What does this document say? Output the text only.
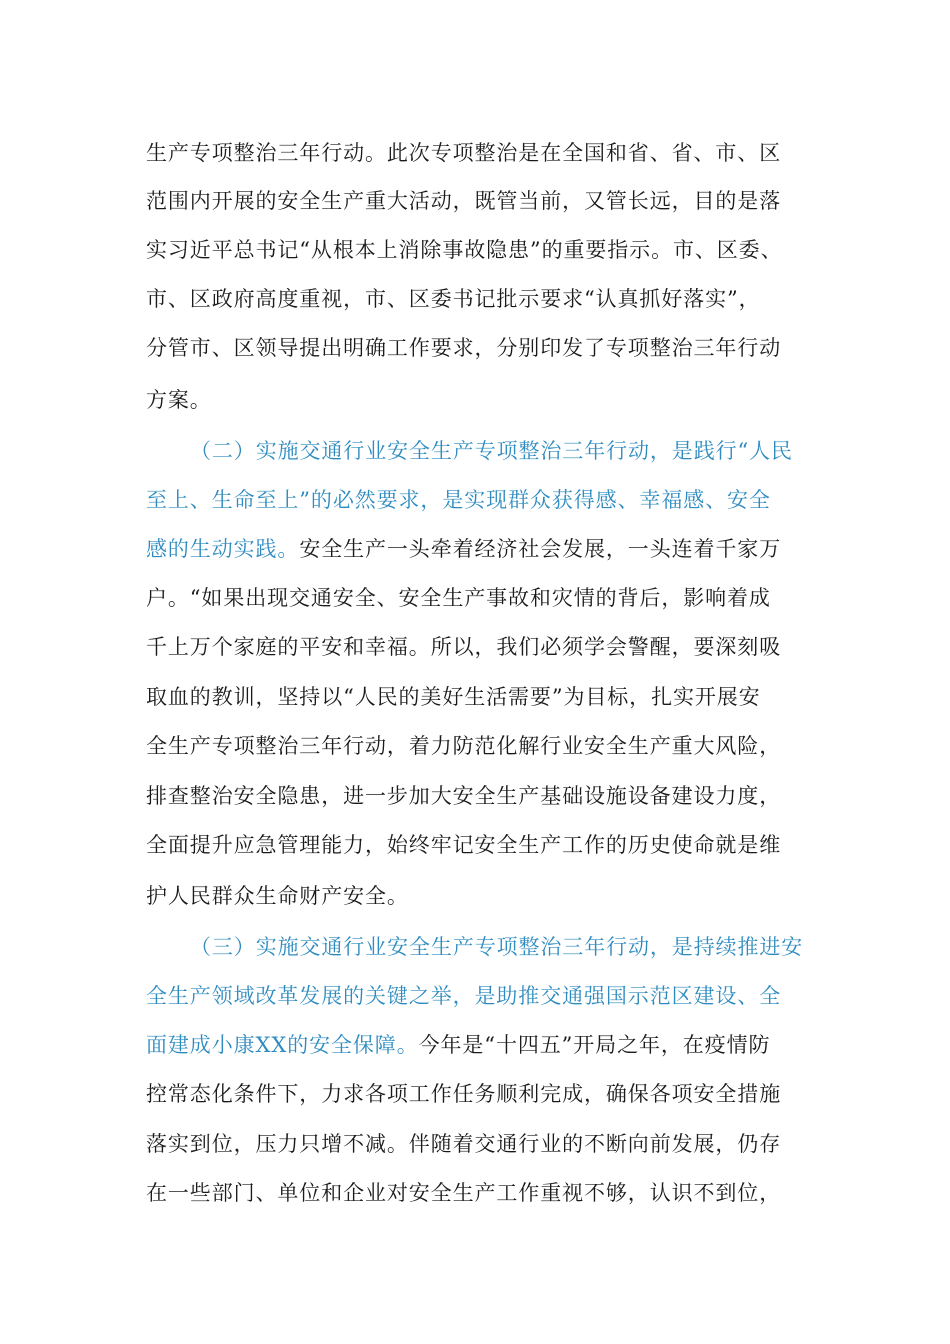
生产专项整治三年行动。此次专项整治是在全国和省、省、市、区
范围内开展的安全生产重大活动，既管当前，又管长远，目的是落
实习近平总书记“从根本上消除事故隐患”的重要指示。市、区委、
市、区政府高度重视，市、区委书记批示要求“认真抓好落实”，
分管市、区领导提出明确工作要求，分别印发了专项整治三年行动
方案。
（二）实施交通行业安全生产专项整治三年行动，是践行“人民
至上、生命至上”的必然要求，是实现群众获得感、幸福感、安全
感的生动实践。安全生产一头牵着经济社会发展，一头连着千家万
户。“如果出现交通安全、安全生产事故和灾情的背后，影响着成
千上万个家庭的平安和幸福。所以，我们必须学会警醒，要深刻吸
取血的教训，坚持以“人民的美好生活需要”为目标，扎实开展安
全生产专项整治三年行动，着力防范化解行业安全生产重大风险，
排查整治安全隐患，进一步加大安全生产基础设施设备建设力度，
全面提升应急管理能力，始终牢记安全生产工作的历史使命就是维
护人民群众生命财产安全。
（三）实施交通行业安全生产专项整治三年行动，是持续推进安
全生产领域改革发展的关键之举，是助推交通强国示范区建设、全
面建成小康XX的安全保障。今年是“十四五”开局之年，在疫情防
控常态化条件下，力求各项工作任务顺利完成，确保各项安全措施
落实到位，压力只增不减。伴随着交通行业的不断向前发展，仍存
在一些部门、单位和企业对安全生产工作重视不够，认识不到位，
